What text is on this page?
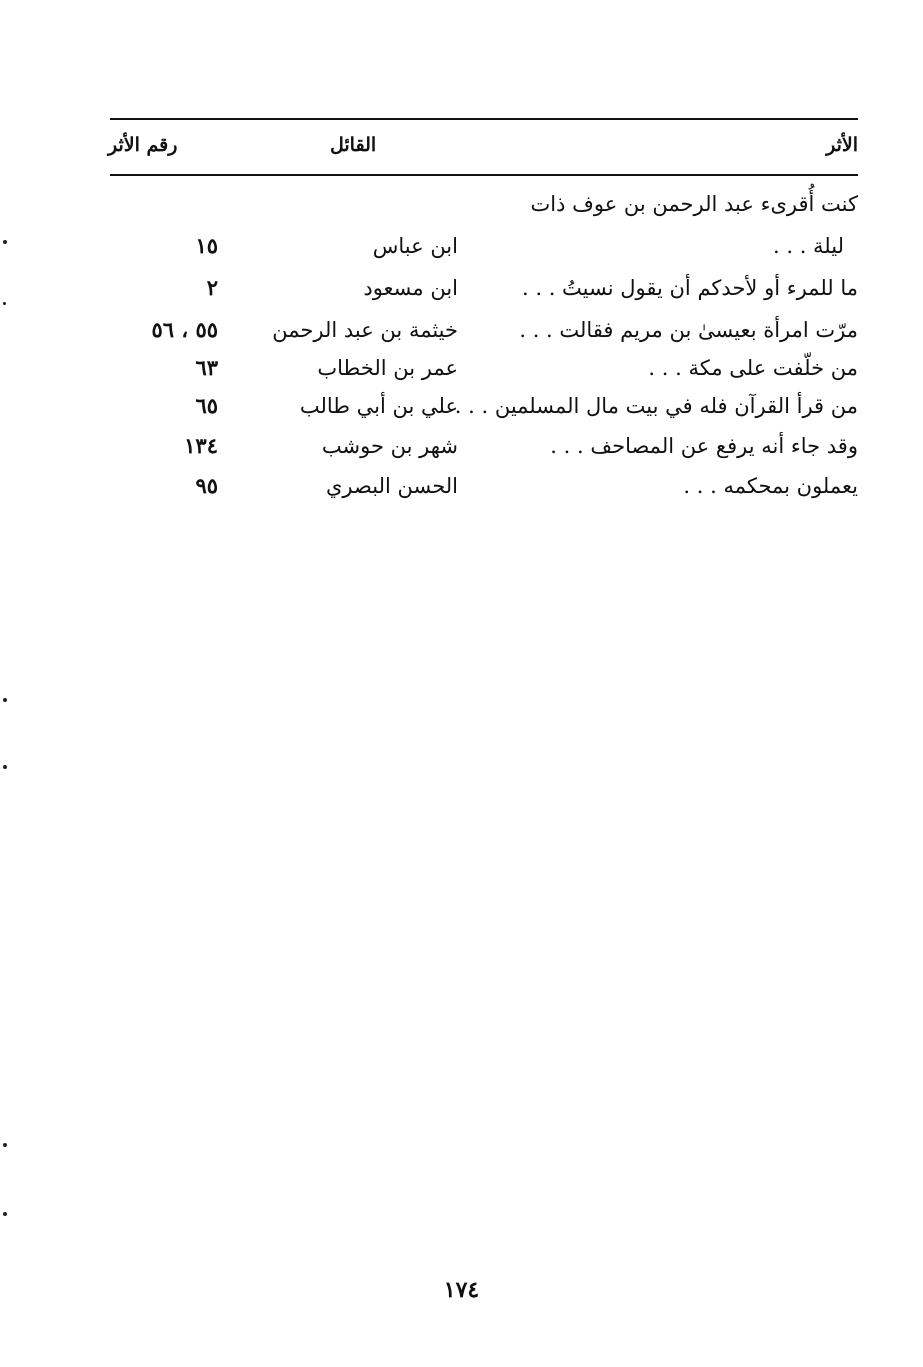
الأثر
القائل
رقم الأثر
كنت أُقرىء عبد الرحمن بن عوف ذات
ليلة . . .
ابن عباس
١٥
ما للمرء أو لأحدكم أن يقول نسيتُ . . .
ابن مسعود
٢
مرّت امرأة بعيسىٰ بن مريم فقالت . . .
خيثمة بن عبد الرحمن
٥٥ ، ٥٦
من خلّفت على مكة . . .
عمر بن الخطاب
٦٣
من قرأ القرآن فله في بيت مال المسلمين . . .
علي بن أبي طالب
٦٥
وقد جاء أنه يرفع عن المصاحف . . .
شهر بن حوشب
١٣٤
يعملون بمحكمه . . .
الحسن البصري
٩٥
١٧٤
